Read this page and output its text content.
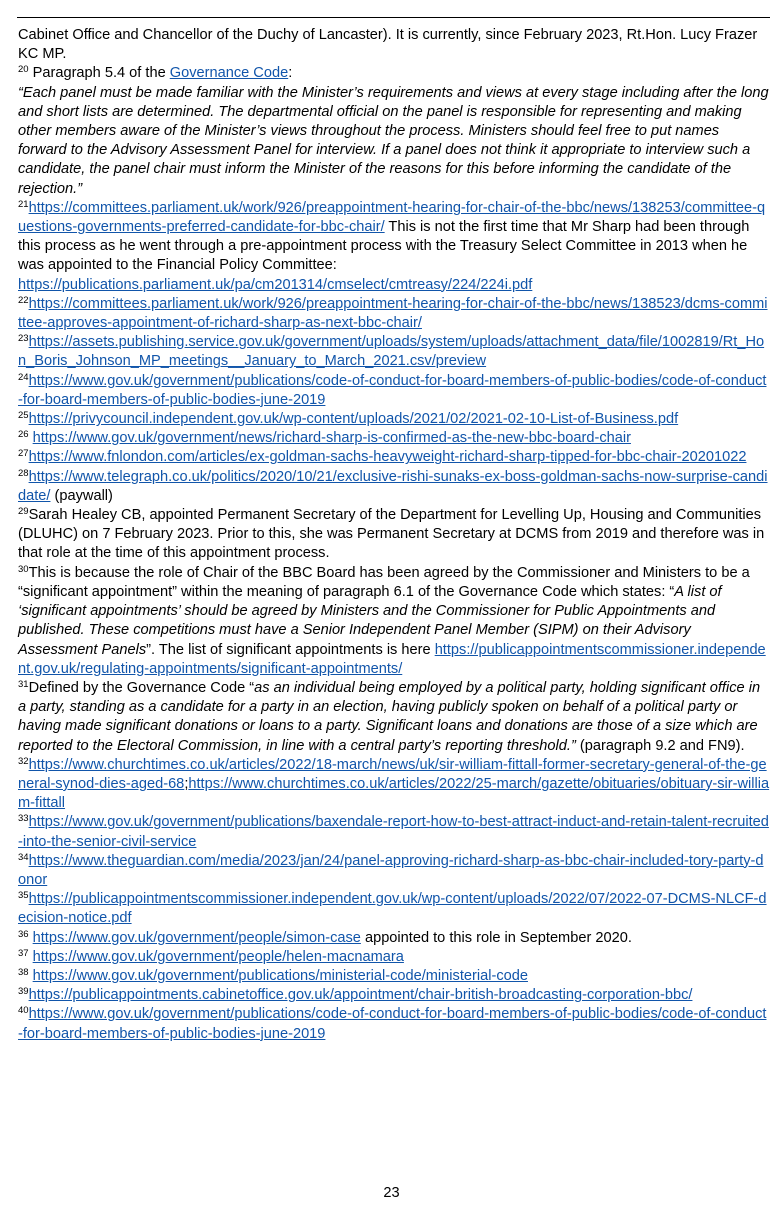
Cabinet Office and Chancellor of the Duchy of Lancaster). It is currently, since February 2023, Rt.Hon. Lucy Frazer KC MP.

$^{20}$ Paragraph 5.4 of the Governance Code:

“Each panel must be made familiar with the Minister’s requirements and views at every stage including after the long and short lists are determined. The departmental official on the panel is responsible for representing and making other members aware of the Minister’s views throughout the process. Ministers should feel free to put names forward to the Advisory Assessment Panel for interview. If a panel does not think it appropriate to interview such a candidate, the panel chair must inform the Minister of the reasons for this before informing the candidate of the rejection.”

$^{21}$https://committees.parliament.uk/work/926/preappointment-hearing-for-chair-of-the-bbc/news/138253/committee-questions-governments-preferred-candidate-for-bbc-chair/ This is not the first time that Mr Sharp had been through this process as he went through a pre-appointment process with the Treasury Select Committee in 2013 when he was appointed to the Financial Policy Committee: https://publications.parliament.uk/pa/cm201314/cmselect/cmtreasy/224/224i.pdf

$^{22}$https://committees.parliament.uk/work/926/preappointment-hearing-for-chair-of-the-bbc/news/138523/dcms-committee-approves-appointment-of-richard-sharp-as-next-bbc-chair/

$^{23}$https://assets.publishing.service.gov.uk/government/uploads/system/uploads/attachment_data/file/1002819/Rt_Hon_Boris_Johnson_MP_meetings__January_to_March_2021.csv/preview

$^{24}$https://www.gov.uk/government/publications/code-of-conduct-for-board-members-of-public-bodies/code-of-conduct-for-board-members-of-public-bodies-june-2019

$^{25}$https://privycouncil.independent.gov.uk/wp-content/uploads/2021/02/2021-02-10-List-of-Business.pdf

$^{26}$ https://www.gov.uk/government/news/richard-sharp-is-confirmed-as-the-new-bbc-board-chair

$^{27}$https://www.fnlondon.com/articles/ex-goldman-sachs-heavyweight-richard-sharp-tipped-for-bbc-chair-20201022

$^{28}$https://www.telegraph.co.uk/politics/2020/10/21/exclusive-rishi-sunaks-ex-boss-goldman-sachs-now-surprise-candidate/ (paywall)

$^{29}$Sarah Healey CB, appointed Permanent Secretary of the Department for Levelling Up, Housing and Communities (DLUHC) on 7 February 2023. Prior to this, she was Permanent Secretary at DCMS from 2019 and therefore was in that role at the time of this appointment process.

$^{30}$This is because the role of Chair of the BBC Board has been agreed by the Commissioner and Ministers to be a “significant appointment” within the meaning of paragraph 6.1 of the Governance Code which states: “A list of ‘significant appointments’ should be agreed by Ministers and the Commissioner for Public Appointments and published. These competitions must have a Senior Independent Panel Member (SIPM) on their Advisory Assessment Panels”. The list of significant appointments is here https://publicappointmentscommissioner.independent.gov.uk/regulating-appointments/significant-appointments/

$^{31}$Defined by the Governance Code “as an individual being employed by a political party, holding significant office in a party, standing as a candidate for a party in an election, having publicly spoken on behalf of a political party or having made significant donations or loans to a party. Significant loans and donations are those of a size which are reported to the Electoral Commission, in line with a central party’s reporting threshold.” (paragraph 9.2 and FN9).

$^{32}$https://www.churchtimes.co.uk/articles/2022/18-march/news/uk/sir-william-fittall-former-secretary-general-of-the-general-synod-dies-aged-68;https://www.churchtimes.co.uk/articles/2022/25-march/gazette/obituaries/obituary-sir-william-fittall

$^{33}$https://www.gov.uk/government/publications/baxendale-report-how-to-best-attract-induct-and-retain-talent-recruited-into-the-senior-civil-service

$^{34}$https://www.theguardian.com/media/2023/jan/24/panel-approving-richard-sharp-as-bbc-chair-included-tory-party-donor

$^{35}$https://publicappointmentscommissioner.independent.gov.uk/wp-content/uploads/2022/07/2022-07-DCMS-NLCF-decision-notice.pdf

$^{36}$ https://www.gov.uk/government/people/simon-case appointed to this role in September 2020.

$^{37}$ https://www.gov.uk/government/people/helen-macnamara

$^{38}$ https://www.gov.uk/government/publications/ministerial-code/ministerial-code

$^{39}$https://publicappointments.cabinetoffice.gov.uk/appointment/chair-british-broadcasting-corporation-bbc/

$^{40}$https://www.gov.uk/government/publications/code-of-conduct-for-board-members-of-public-bodies/code-of-conduct-for-board-members-of-public-bodies-june-2019

23
